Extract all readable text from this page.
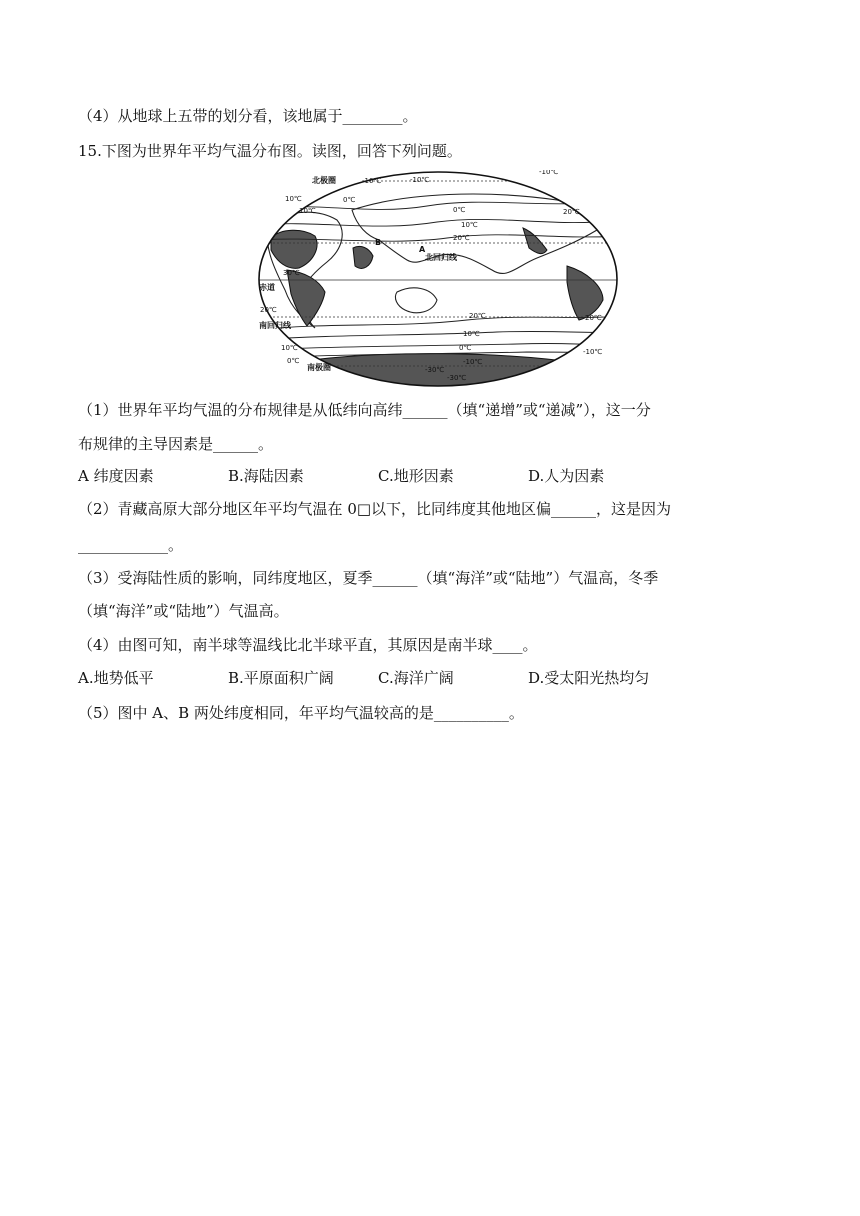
（4）从地球上五带的划分看，该地属于________。
15.下图为世界年平均气温分布图。读图，回答下列问题。
北极圈
北回归线
赤道
南回归线
南极圈
A
B
-10℃	-10℃
0℃
10℃
10℃	0℃
10℃
20℃
30℃
20℃
20℃
20℃
10℃
0℃
-10℃
-10℃
20℃
10℃
0℃
-10℃
-30℃
-30℃
（1）世界年平均气温的分布规律是从低纬向高纬______（填“递增”或“递减”），这一分
布规律的主导因素是______。
A 纬度因素	B.海陆因素	C.地形因素	D.人为因素
（2）青藏高原大部分地区年平均气温在 0□以下，比同纬度其他地区偏______，这是因为
____________。
（3）受海陆性质的影响，同纬度地区，夏季______（填“海洋”或“陆地”）气温高，冬季
（填“海洋”或“陆地”）气温高。
（4）由图可知，南半球等温线比北半球平直，其原因是南半球____。
A.地势低平	B.平原面积广阔	C.海洋广阔	D.受太阳光热均匀
（5）图中 A、B 两处纬度相同，年平均气温较高的是__________。
